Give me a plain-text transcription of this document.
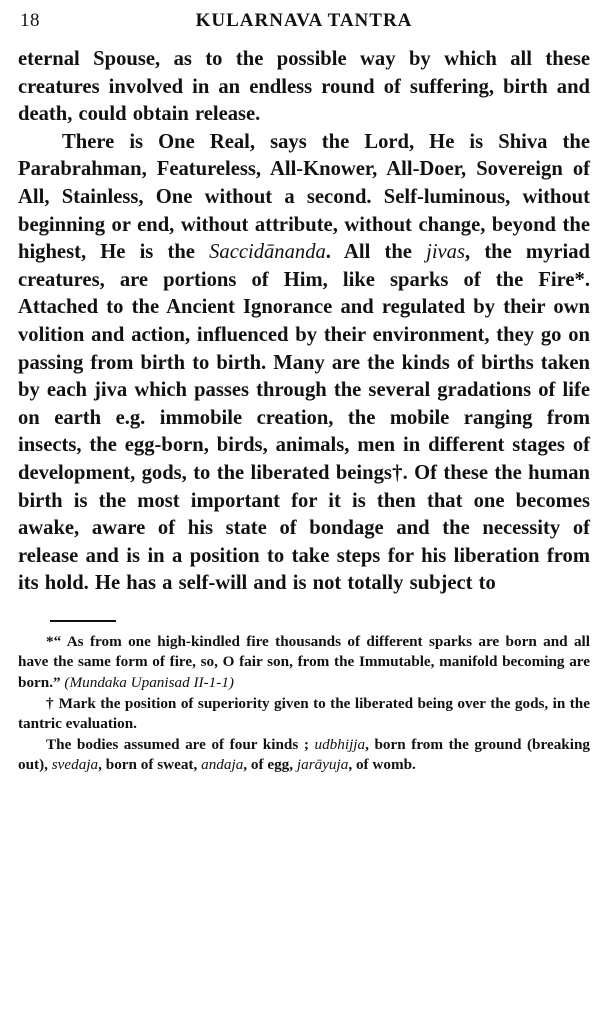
18	KULARNAVA TANTRA

eternal Spouse, as to the possible way by which all these creatures involved in an endless round of suffering, birth and death, could obtain release.

There is One Real, says the Lord, He is Shiva the Parabrahman, Featureless, All-Knower, All-Doer, Sovereign of All, Stainless, One without a second. Self-luminous, without beginning or end, without attribute, without change, beyond the highest, He is the Saccidānanda. All the jivas, the myriad creatures, are portions of Him, like sparks of the Fire*. Attached to the Ancient Ignorance and regulated by their own volition and action, influenced by their environment, they go on passing from birth to birth. Many are the kinds of births taken by each jiva which passes through the several gradations of life on earth e.g. immobile creation, the mobile ranging from insects, the egg-born, birds, animals, men in different stages of development, gods, to the liberated beings†. Of these the human birth is the most important for it is then that one becomes awake, aware of his state of bondage and the necessity of release and is in a position to take steps for his liberation from its hold. He has a self-will and is not totally subject to

*“ As from one high-kindled fire thousands of different sparks are born and all have the same form of fire, so, O fair son, from the Immutable, manifold becoming are born.” (Mundaka Upanisad II-1-1)

† Mark the position of superiority given to the liberated being over the gods, in the tantric evaluation.

The bodies assumed are of four kinds ; udbhijja, born from the ground (breaking out), svedaja, born of sweat, andaja, of egg, jarāyuja, of womb.
